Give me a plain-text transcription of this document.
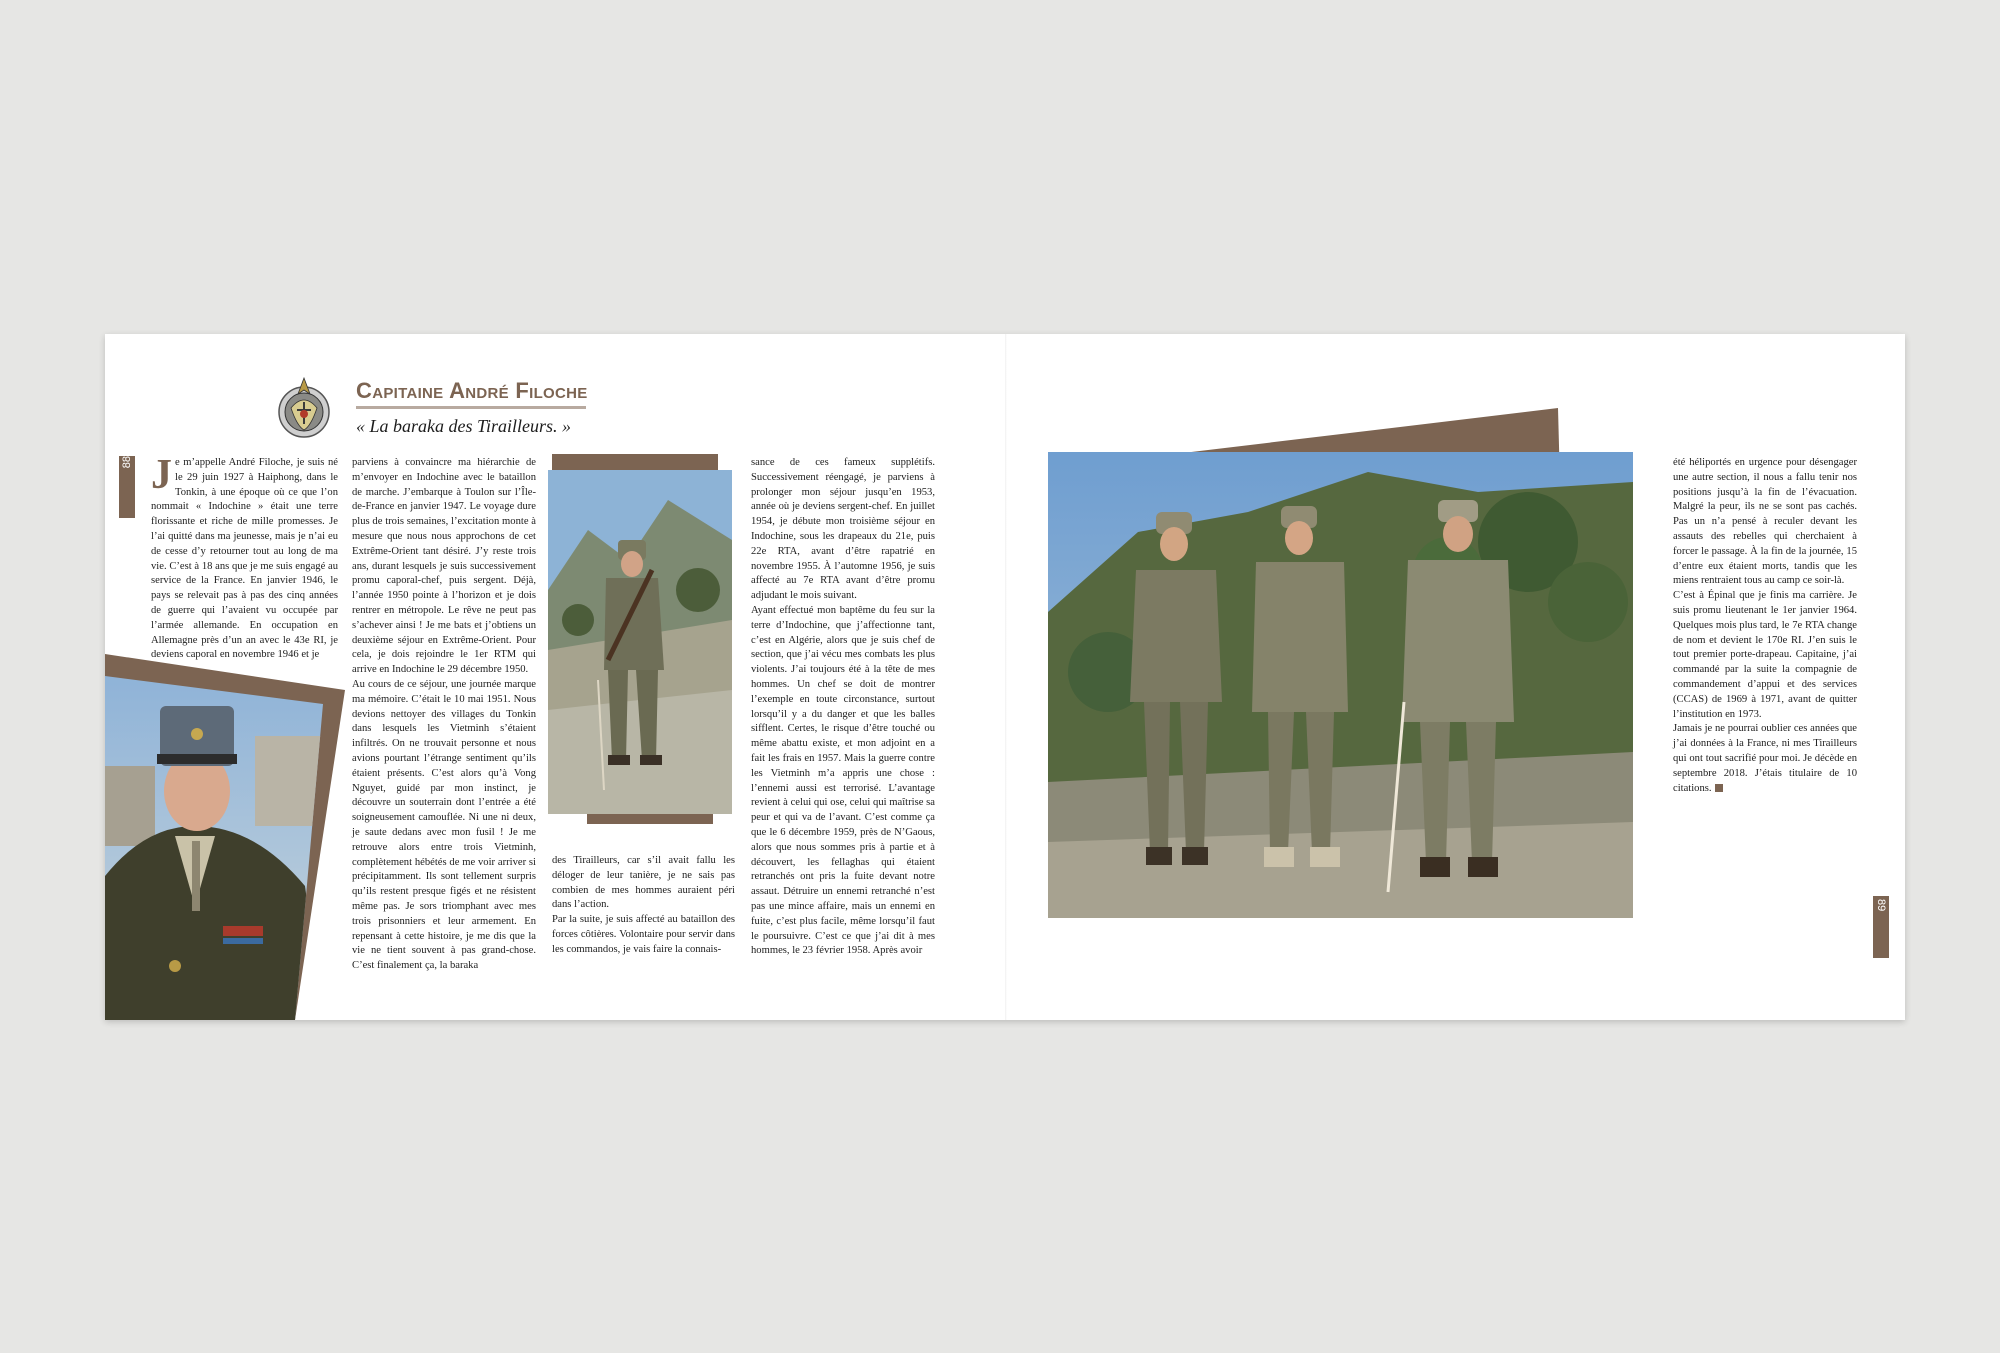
88
Capitaine André Filoche
« La baraka des Tirailleurs. »
J e m’appelle André Filoche, je suis né le 29 juin 1927 à Haiphong, dans le Tonkin, à une époque où ce que l’on nommait « Indochine » était une terre florissante et riche de mille promesses. Je l’ai quitté dans ma jeunesse, mais je n’ai eu de cesse d’y retourner tout au long de ma vie. C’est à 18 ans que je me suis engagé au service de la France. En janvier 1946, le pays se relevait pas à pas des cinq années de guerre qui l’avaient vu occupée par l’armée allemande. En occupation en Allemagne près d’un an avec le 43e RI, je deviens caporal en novembre 1946 et je

parviens à convaincre ma hiérarchie de m’envoyer en Indochine avec le bataillon de marche. J’embarque à Toulon sur l’Île-de-France en janvier 1947. Le voyage dure plus de trois semaines, l’excitation monte à mesure que nous nous approchons de cet Extrême-Orient tant désiré. J’y reste trois ans, durant lesquels je suis successivement promu caporal-chef, puis sergent. Déjà, l’année 1950 pointe à l’horizon et je dois rentrer en métropole. Le rêve ne peut pas s’achever ainsi ! Je me bats et j’obtiens un deuxième séjour en Extrême-Orient. Pour cela, je dois rejoindre le 1er RTM qui arrive en Indochine le 29 décembre 1950.

Au cours de ce séjour, une journée marque ma mémoire. C’était le 10 mai 1951. Nous devions nettoyer des villages du Tonkin dans lesquels les Vietminh s’étaient infiltrés. On ne trouvait personne et nous avions pourtant l’étrange sentiment qu’ils étaient présents. C’est alors qu’à Vong Nguyet, guidé par mon instinct, je découvre un souterrain dont l’entrée a été soigneusement camouflée. Ni une ni deux, je saute dedans avec mon fusil ! Je me retrouve alors entre trois Vietminh, complètement hébétés de me voir arriver si précipitamment. Ils sont tellement surpris qu’ils restent presque figés et ne résistent même pas. Je sors triomphant avec mes trois prisonniers et leur armement. En repensant à cette histoire, je me dis que la vie ne tient souvent à pas grand-chose. C’est finalement ça, la baraka

des Tirailleurs, car s’il avait fallu les déloger de leur tanière, je ne sais pas combien de mes hommes auraient péri dans l’action.

Par la suite, je suis affecté au bataillon des forces côtières. Volontaire pour servir dans les commandos, je vais faire la connais-

sance de ces fameux supplétifs. Successivement réengagé, je parviens à prolonger mon séjour jusqu’en 1953, année où je deviens sergent-chef. En juillet 1954, je débute mon troisième séjour en Indochine, sous les drapeaux du 21e, puis 22e RTA, avant d’être rapatrié en novembre 1955. À l’automne 1956, je suis affecté au 7e RTA avant d’être promu adjudant le mois suivant.

Ayant effectué mon baptême du feu sur la terre d’Indochine, que j’affectionne tant, c’est en Algérie, alors que je suis chef de section, que j’ai vécu mes combats les plus violents. J’ai toujours été à la tête de mes hommes. Un chef se doit de montrer l’exemple en toute circonstance, surtout lorsqu’il y a du danger et que les balles sifflent. Certes, le risque d’être touché ou même abattu existe, et mon adjoint en a fait les frais en 1957. Mais la guerre contre les Vietminh m’a appris une chose : l’ennemi aussi est terrorisé. L’avantage revient à celui qui ose, celui qui maîtrise sa peur et qui va de l’avant. C’est comme ça que le 6 décembre 1959, près de N’Gaous, alors que nous sommes pris à partie et à découvert, les fellaghas qui étaient retranchés ont pris la fuite devant notre assaut. Détruire un ennemi retranché n’est pas une mince affaire, mais un ennemi en fuite, c’est plus facile, même lorsqu’il faut le poursuivre. C’est ce que j’ai dit à mes hommes, le 23 février 1958. Après avoir

été héliportés en urgence pour désengager une autre section, il nous a fallu tenir nos positions jusqu’à la fin de l’évacuation. Malgré la peur, ils ne se sont pas cachés. Pas un n’a pensé à reculer devant les assauts des rebelles qui cherchaient à forcer le passage. À la fin de la journée, 15 d’entre eux étaient morts, tandis que les miens rentraient tous au camp ce soir-là.

C’est à Épinal que je finis ma carrière. Je suis promu lieutenant le 1er janvier 1964. Quelques mois plus tard, le 7e RTA change de nom et devient le 170e RI. J’en suis le tout premier porte-drapeau. Capitaine, j’ai commandé par la suite la compagnie de commandement d’appui et des services (CCAS) de 1969 à 1971, avant de quitter l’institution en 1973.

Jamais je ne pourrai oublier ces années que j’ai données à la France, ni mes Tirailleurs qui ont tout sacrifié pour moi. Je décède en septembre 2018. J’étais titulaire de 10 citations.

89
